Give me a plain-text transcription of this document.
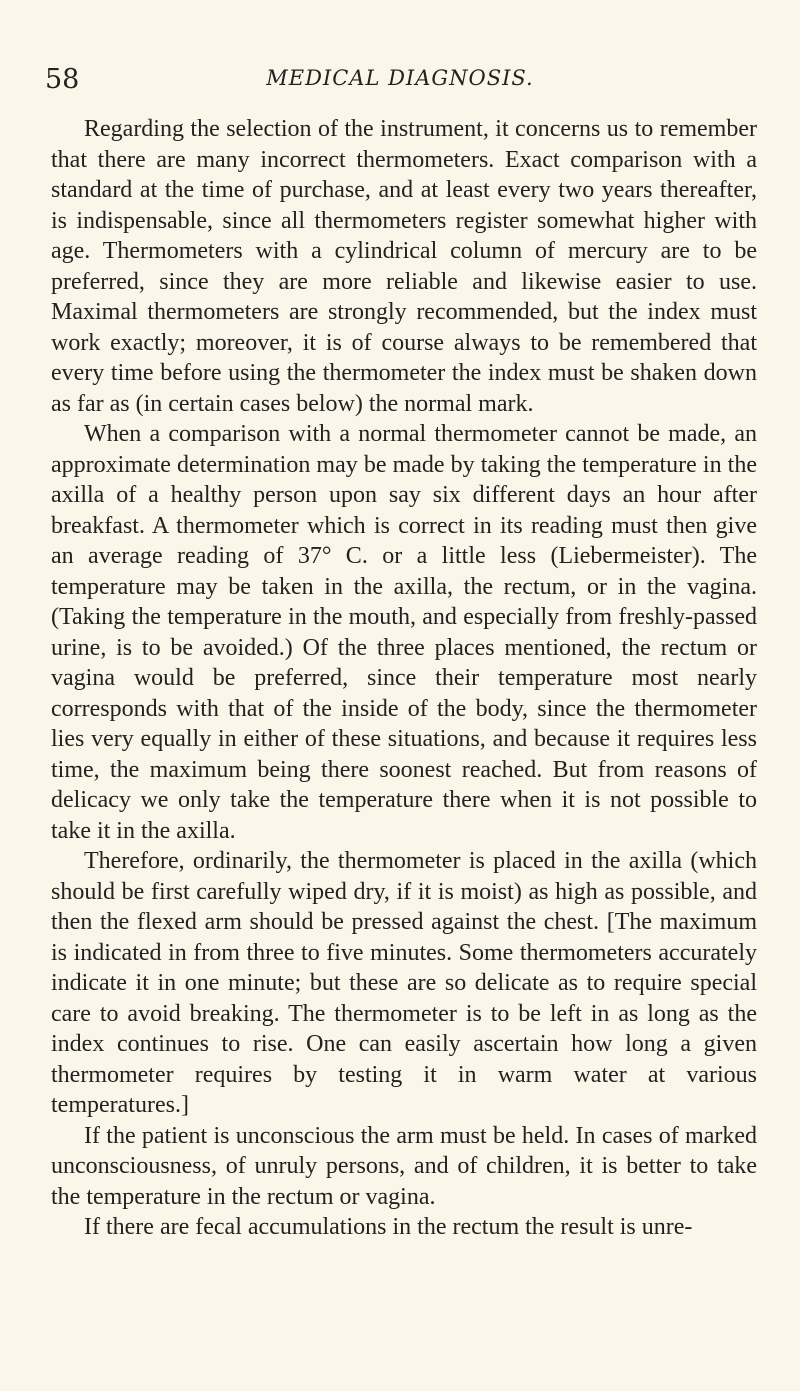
58	MEDICAL DIAGNOSIS.

Regarding the selection of the instrument, it concerns us to remember that there are many incorrect thermometers. Exact comparison with a standard at the time of purchase, and at least every two years thereafter, is indispensable, since all thermometers register somewhat higher with age. Thermometers with a cylindrical column of mercury are to be preferred, since they are more reliable and likewise easier to use. Maximal thermometers are strongly recommended, but the index must work exactly; moreover, it is of course always to be remembered that every time before using the thermometer the index must be shaken down as far as (in certain cases below) the normal mark.

When a comparison with a normal thermometer cannot be made, an approximate determination may be made by taking the temperature in the axilla of a healthy person upon say six different days an hour after breakfast. A thermometer which is correct in its reading must then give an average reading of 37° C. or a little less (Liebermeister). The temperature may be taken in the axilla, the rectum, or in the vagina. (Taking the temperature in the mouth, and especially from freshly-passed urine, is to be avoided.) Of the three places mentioned, the rectum or vagina would be preferred, since their temperature most nearly corresponds with that of the inside of the body, since the thermometer lies very equally in either of these situations, and because it requires less time, the maximum being there soonest reached. But from reasons of delicacy we only take the temperature there when it is not possible to take it in the axilla.

Therefore, ordinarily, the thermometer is placed in the axilla (which should be first carefully wiped dry, if it is moist) as high as possible, and then the flexed arm should be pressed against the chest. [The maximum is indicated in from three to five minutes. Some thermometers accurately indicate it in one minute; but these are so delicate as to require special care to avoid breaking. The thermometer is to be left in as long as the index continues to rise. One can easily ascertain how long a given thermometer requires by testing it in warm water at various temperatures.]

If the patient is unconscious the arm must be held. In cases of marked unconsciousness, of unruly persons, and of children, it is better to take the temperature in the rectum or vagina.

If there are fecal accumulations in the rectum the result is unre-
